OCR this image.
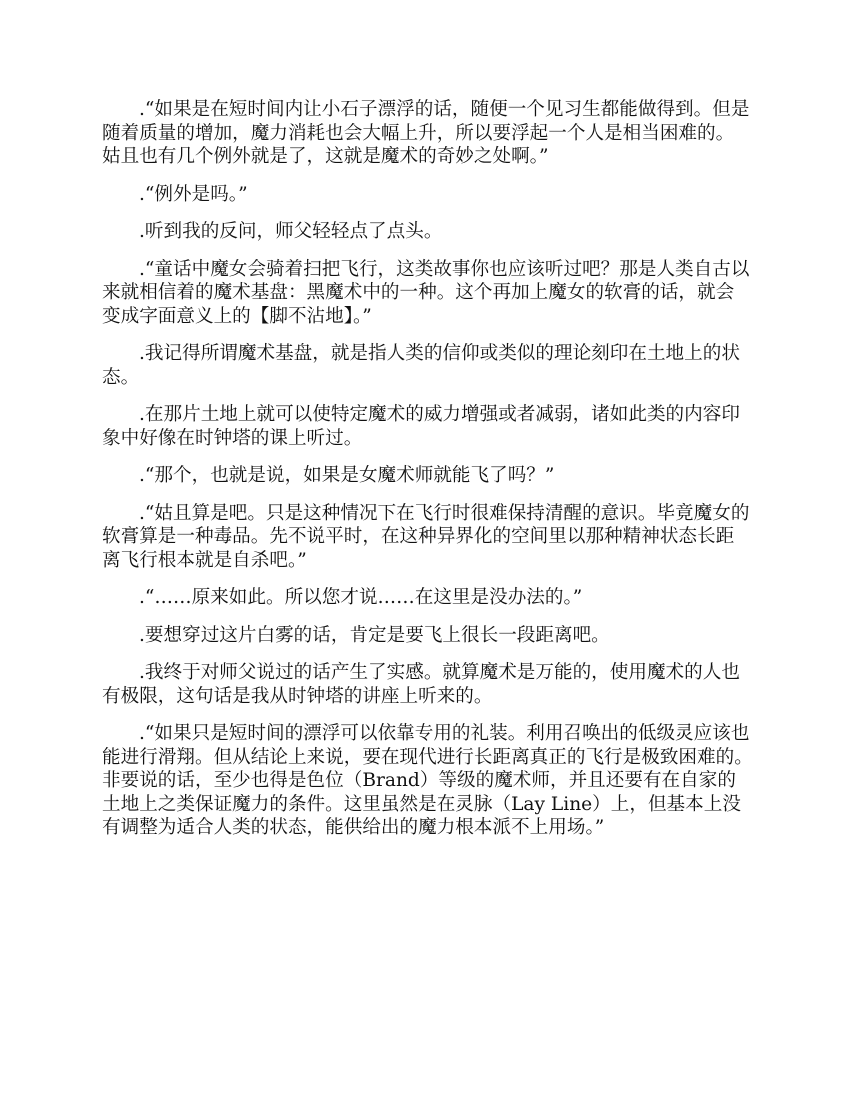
.“如果是在短时间内让小石子漂浮的话，随便一个见习生都能做得到。但是随着质量的增加，魔力消耗也会大幅上升，所以要浮起一个人是相当困难的。姑且也有几个例外就是了，这就是魔术的奇妙之处啊。”

.“例外是吗。”

.听到我的反问，师父轻轻点了点头。

.“童话中魔女会骑着扫把飞行，这类故事你也应该听过吧？那是人类自古以来就相信着的魔术基盘：黑魔术中的一种。这个再加上魔女的软膏的话，就会变成字面意义上的【脚不沾地】。”

.我记得所谓魔术基盘，就是指人类的信仰或类似的理论刻印在土地上的状态。

.在那片土地上就可以使特定魔术的威力增强或者减弱，诸如此类的内容印象中好像在时钟塔的课上听过。

.“那个，也就是说，如果是女魔术师就能飞了吗？”

.“姑且算是吧。只是这种情况下在飞行时很难保持清醒的意识。毕竟魔女的软膏算是一种毒品。先不说平时，在这种异界化的空间里以那种精神状态长距离飞行根本就是自杀吧。”

.“……原来如此。所以您才说……在这里是没办法的。”

.要想穿过这片白雾的话，肯定是要飞上很长一段距离吧。

.我终于对师父说过的话产生了实感。就算魔术是万能的，使用魔术的人也有极限，这句话是我从时钟塔的讲座上听来的。

.“如果只是短时间的漂浮可以依靠专用的礼装。利用召唤出的低级灵应该也能进行滑翔。但从结论上来说，要在现代进行长距离真正的飞行是极致困难的。　非要说的话，至少也得是色位（Brand）等级的魔术师，并且还要有在自家的土地上之类保证魔力的条件。这里虽然是在灵脉（Lay Line）上，但基本上没有调整为适合人类的状态，能供给出的魔力根本派不上用场。”
